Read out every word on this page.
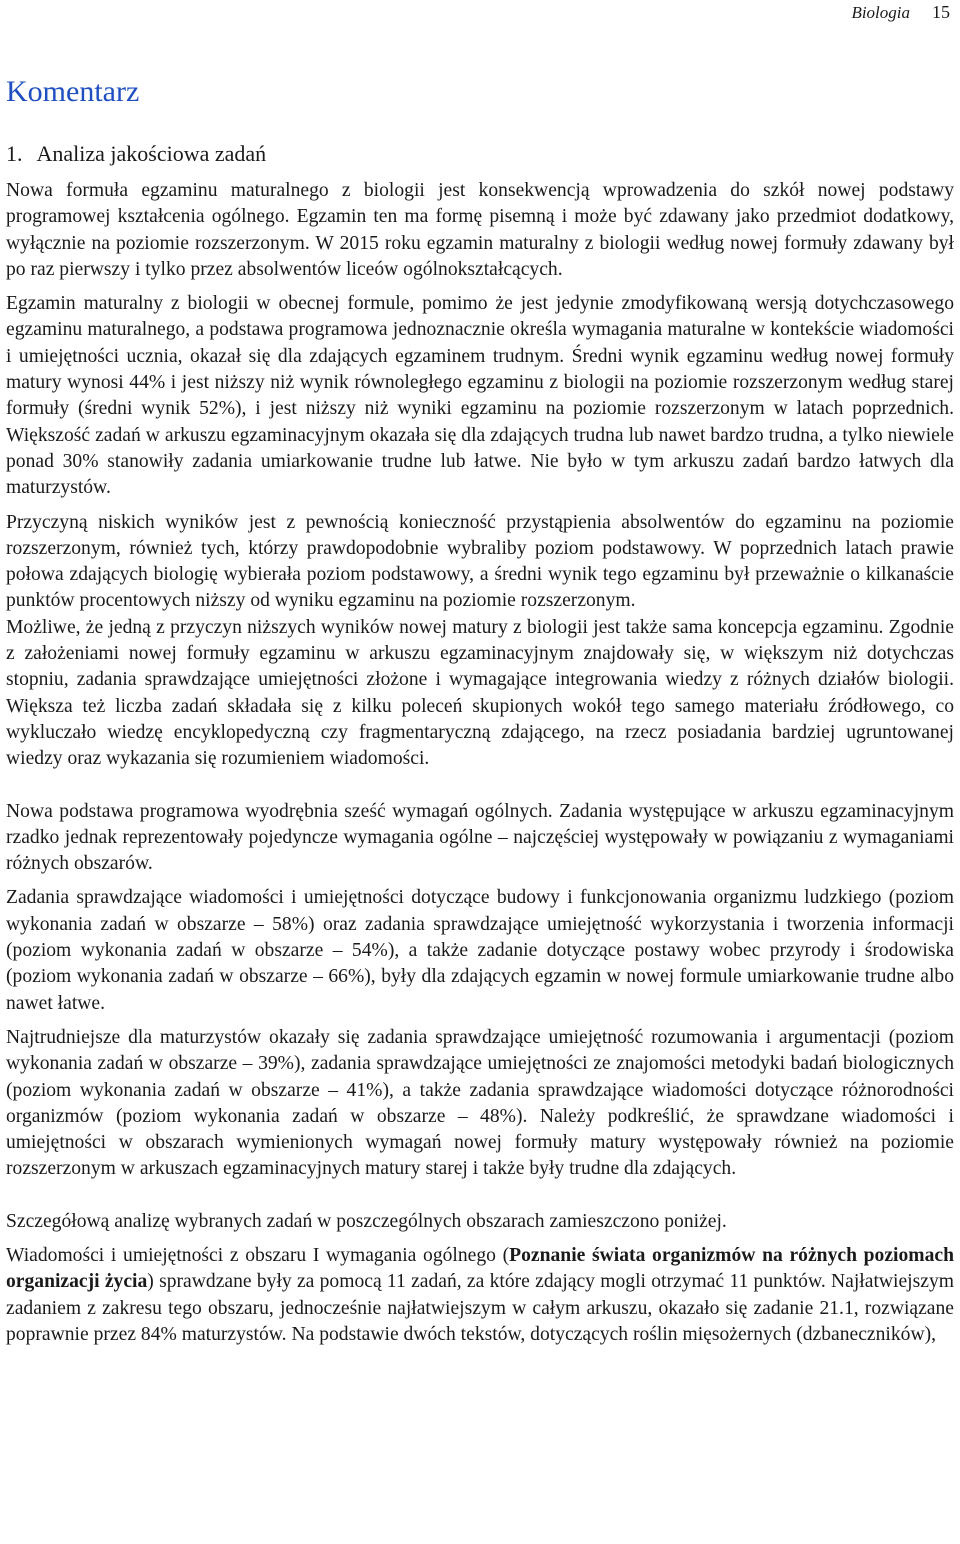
Biologia 15
Komentarz
1. Analiza jakościowa zadań

Nowa formuła egzaminu maturalnego z biologii jest konsekwencją wprowadzenia do szkół nowej podstawy programowej kształcenia ogólnego. Egzamin ten ma formę pisemną i może być zdawany jako przedmiot dodatkowy, wyłącznie na poziomie rozszerzonym. W 2015 roku egzamin maturalny z biologii według nowej formuły zdawany był po raz pierwszy i tylko przez absolwentów liceów ogólnokształcących.

Egzamin maturalny z biologii w obecnej formule, pomimo że jest jedynie zmodyfikowaną wersją dotychczasowego egzaminu maturalnego, a podstawa programowa jednoznacznie określa wymagania maturalne w kontekście wiadomości i umiejętności ucznia, okazał się dla zdających egzaminem trudnym. Średni wynik egzaminu według nowej formuły matury wynosi 44% i jest niższy niż wynik równoległego egzaminu z biologii na poziomie rozszerzonym według starej formuły (średni wynik 52%), i jest niższy niż wyniki egzaminu na poziomie rozszerzonym w latach poprzednich. Większość zadań w arkuszu egzaminacyjnym okazała się dla zdających trudna lub nawet bardzo trudna, a tylko niewiele ponad 30% stanowiły zadania umiarkowanie trudne lub łatwe. Nie było w tym arkuszu zadań bardzo łatwych dla maturzystów.

Przyczyną niskich wyników jest z pewnością konieczność przystąpienia absolwentów do egzaminu na poziomie rozszerzonym, również tych, którzy prawdopodobnie wybraliby poziom podstawowy. W poprzednich latach prawie połowa zdających biologię wybierała poziom podstawowy, a średni wynik tego egzaminu był przeważnie o kilkanaście punktów procentowych niższy od wyniku egzaminu na poziomie rozszerzonym.

Możliwe, że jedną z przyczyn niższych wyników nowej matury z biologii jest także sama koncepcja egzaminu. Zgodnie z założeniami nowej formuły egzaminu w arkuszu egzaminacyjnym znajdowały się, w większym niż dotychczas stopniu, zadania sprawdzające umiejętności złożone i wymagające integrowania wiedzy z różnych działów biologii. Większa też liczba zadań składała się z kilku poleceń skupionych wokół tego samego materiału źródłowego, co wykluczało wiedzę encyklopedyczną czy fragmentaryczną zdającego, na rzecz posiadania bardziej ugruntowanej wiedzy oraz wykazania się rozumieniem wiadomości.

Nowa podstawa programowa wyodrębnia sześć wymagań ogólnych. Zadania występujące w arkuszu egzaminacyjnym rzadko jednak reprezentowały pojedyncze wymagania ogólne – najczęściej występowały w powiązaniu z wymaganiami różnych obszarów.

Zadania sprawdzające wiadomości i umiejętności dotyczące budowy i funkcjonowania organizmu ludzkiego (poziom wykonania zadań w obszarze – 58%) oraz zadania sprawdzające umiejętność wykorzystania i tworzenia informacji (poziom wykonania zadań w obszarze – 54%), a także zadanie dotyczące postawy wobec przyrody i środowiska (poziom wykonania zadań w obszarze – 66%), były dla zdających egzamin w nowej formule umiarkowanie trudne albo nawet łatwe.

Najtrudniejsze dla maturzystów okazały się zadania sprawdzające umiejętność rozumowania i argumentacji (poziom wykonania zadań w obszarze – 39%), zadania sprawdzające umiejętności ze znajomości metodyki badań biologicznych (poziom wykonania zadań w obszarze – 41%), a także zadania sprawdzające wiadomości dotyczące różnorodności organizmów (poziom wykonania zadań w obszarze – 48%). Należy podkreślić, że sprawdzane wiadomości i umiejętności w obszarach wymienionych wymagań nowej formuły matury występowały również na poziomie rozszerzonym w arkuszach egzaminacyjnych matury starej i także były trudne dla zdających.

Szczegółową analizę wybranych zadań w poszczególnych obszarach zamieszczono poniżej.

Wiadomości i umiejętności z obszaru I wymagania ogólnego (Poznanie świata organizmów na różnych poziomach organizacji życia) sprawdzane były za pomocą 11 zadań, za które zdający mogli otrzymać 11 punktów. Najłatwiejszym zadaniem z zakresu tego obszaru, jednocześnie najłatwiejszym w całym arkuszu, okazało się zadanie 21.1, rozwiązane poprawnie przez 84% maturzystów. Na podstawie dwóch tekstów, dotyczących roślin mięsożernych (dzbaneczników),
